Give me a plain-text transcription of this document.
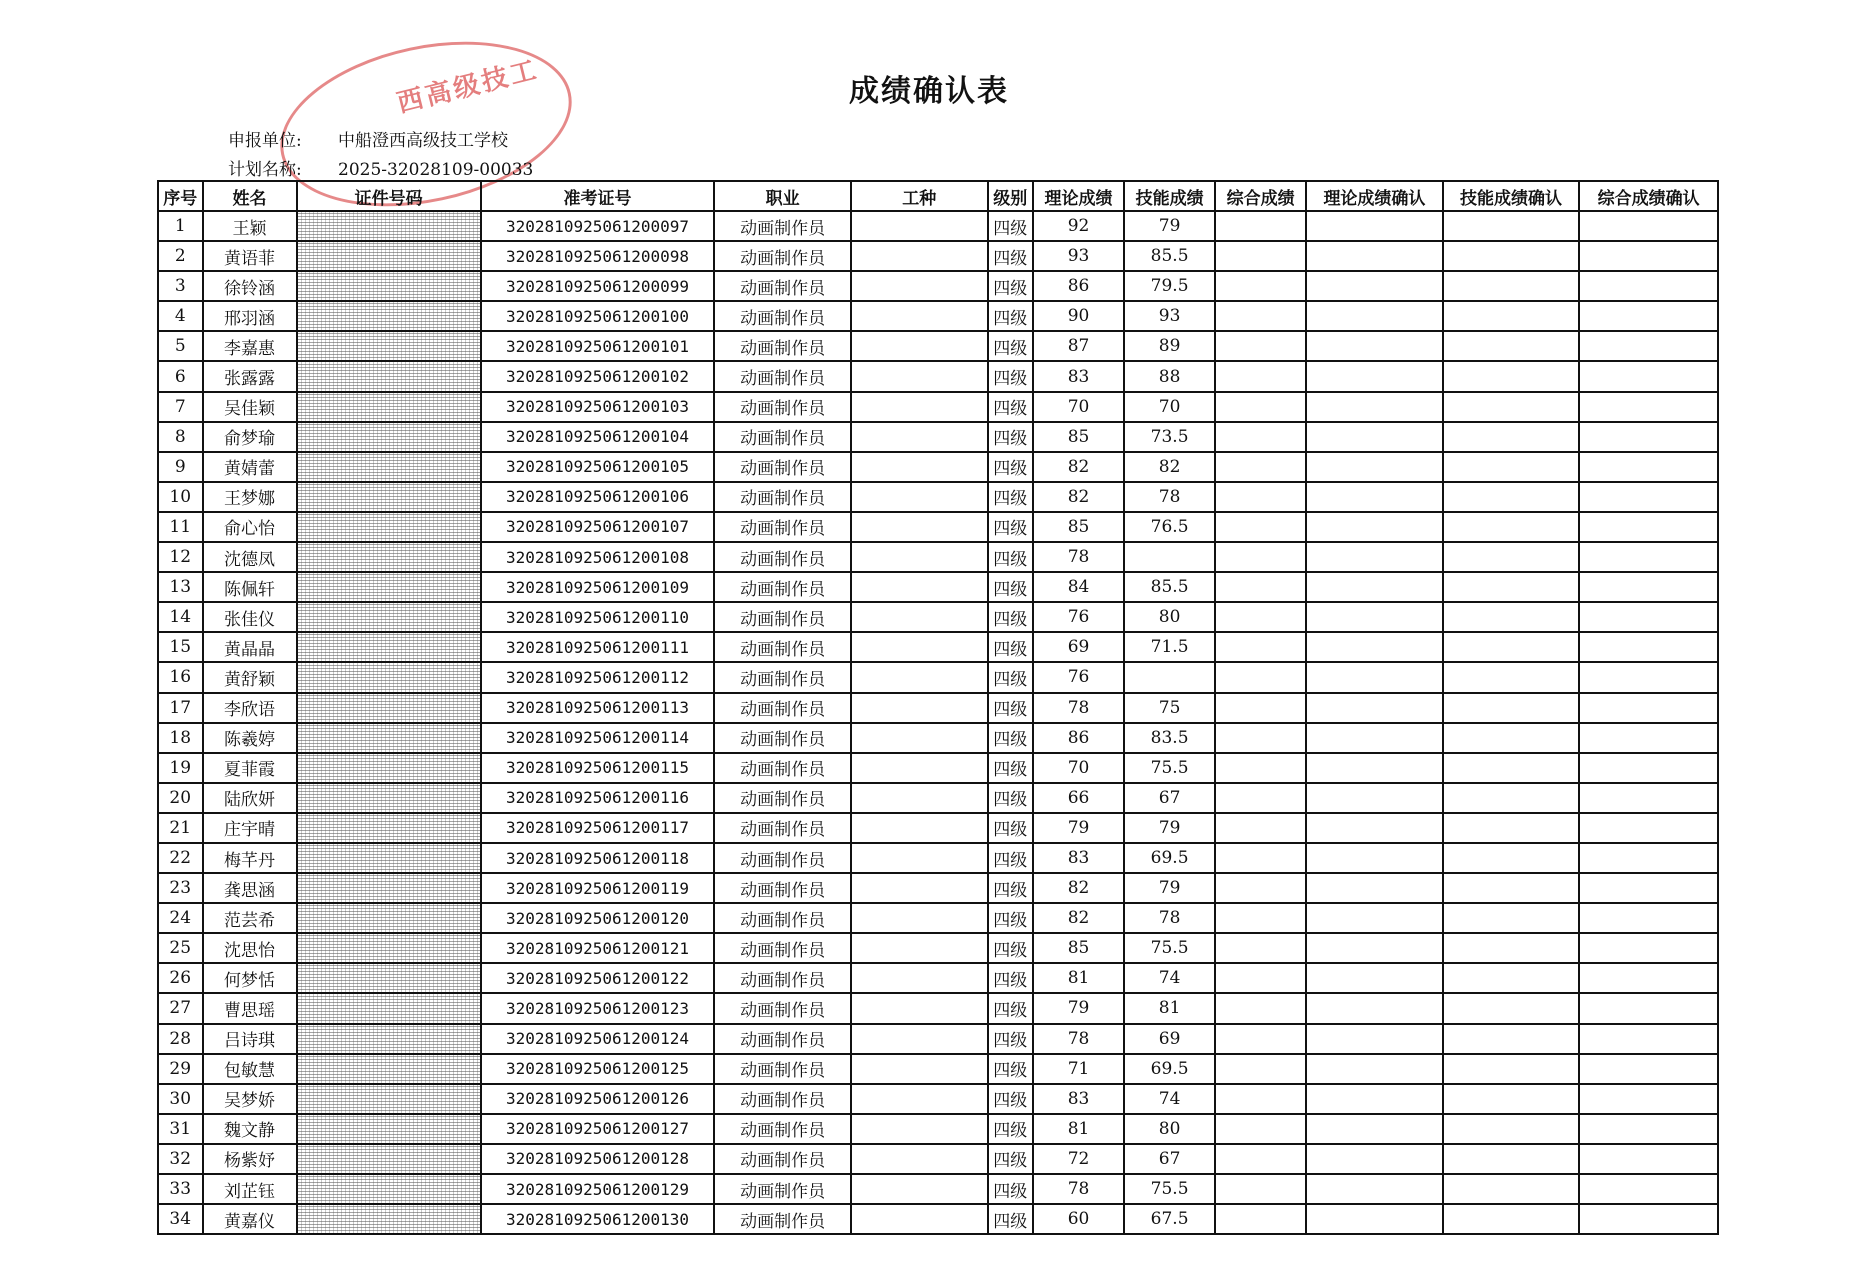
西高级技工	成绩确认表
申报单位: 中船澄西高级技工学校
计划名称: 2025-32028109-00033
序号	姓名	证件号码	准考证号	职业	工种	级别	理论成绩	技能成绩	综合成绩	理论成绩确认	技能成绩确认	综合成绩确认
1	王颖		3202810925061200097	动画制作员		四级	92	79				
2	黄语菲		3202810925061200098	动画制作员		四级	93	85.5				
3	徐铃涵		3202810925061200099	动画制作员		四级	86	79.5				
4	邢羽涵		3202810925061200100	动画制作员		四级	90	93				
5	李嘉惠		3202810925061200101	动画制作员		四级	87	89				
6	张露露		3202810925061200102	动画制作员		四级	83	88				
7	吴佳颖		3202810925061200103	动画制作员		四级	70	70				
8	俞梦瑜		3202810925061200104	动画制作员		四级	85	73.5				
9	黄婧蕾		3202810925061200105	动画制作员		四级	82	82				
10	王梦娜		3202810925061200106	动画制作员		四级	82	78				
11	俞心怡		3202810925061200107	动画制作员		四级	85	76.5				
12	沈德凤		3202810925061200108	动画制作员		四级	78					
13	陈佩轩		3202810925061200109	动画制作员		四级	84	85.5				
14	张佳仪		3202810925061200110	动画制作员		四级	76	80				
15	黄晶晶		3202810925061200111	动画制作员		四级	69	71.5				
16	黄舒颖		3202810925061200112	动画制作员		四级	76					
17	李欣语		3202810925061200113	动画制作员		四级	78	75				
18	陈羲婷		3202810925061200114	动画制作员		四级	86	83.5				
19	夏菲霞		3202810925061200115	动画制作员		四级	70	75.5				
20	陆欣妍		3202810925061200116	动画制作员		四级	66	67				
21	庄宇晴		3202810925061200117	动画制作员		四级	79	79				
22	梅芊丹		3202810925061200118	动画制作员		四级	83	69.5				
23	龚思涵		3202810925061200119	动画制作员		四级	82	79				
24	范芸希		3202810925061200120	动画制作员		四级	82	78				
25	沈思怡		3202810925061200121	动画制作员		四级	85	75.5				
26	何梦恬		3202810925061200122	动画制作员		四级	81	74				
27	曹思瑶		3202810925061200123	动画制作员		四级	79	81				
28	吕诗琪		3202810925061200124	动画制作员		四级	78	69				
29	包敏慧		3202810925061200125	动画制作员		四级	71	69.5				
30	吴梦娇		3202810925061200126	动画制作员		四级	83	74				
31	魏文静		3202810925061200127	动画制作员		四级	81	80				
32	杨紫妤		3202810925061200128	动画制作员		四级	72	67				
33	刘芷钰		3202810925061200129	动画制作员		四级	78	75.5				
34	黄嘉仪		3202810925061200130	动画制作员		四级	60	67.5				
